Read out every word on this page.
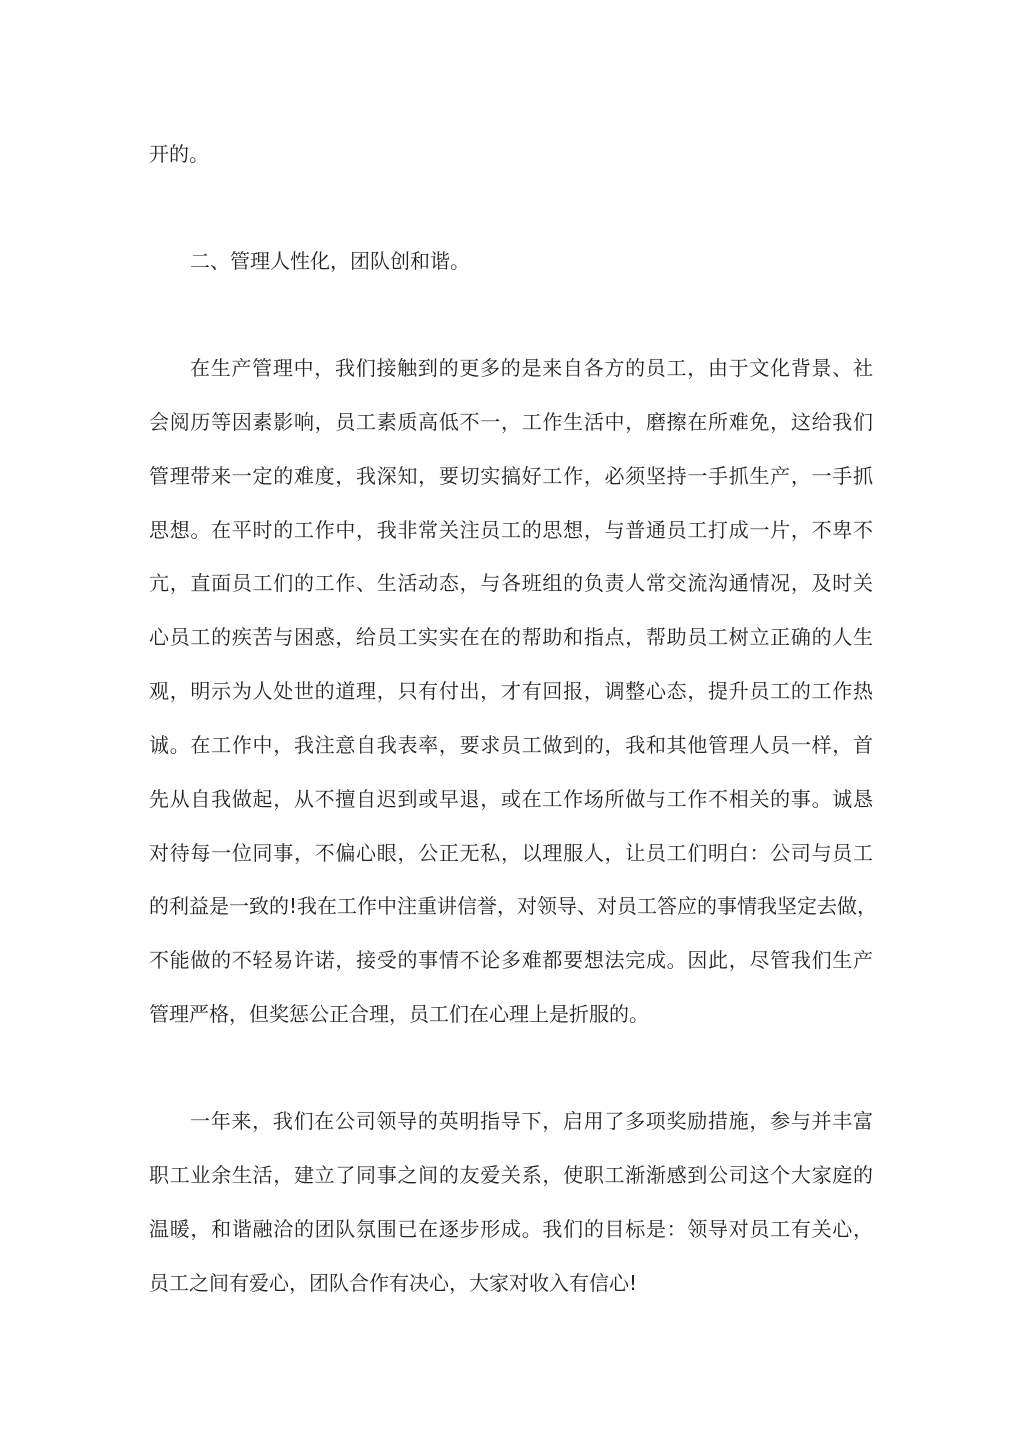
开的。
二、管理人性化，团队创和谐。
在生产管理中，我们接触到的更多的是来自各方的员工，由于文化背景、社
会阅历等因素影响，员工素质高低不一，工作生活中，磨擦在所难免，这给我们
管理带来一定的难度，我深知，要切实搞好工作，必须坚持一手抓生产，一手抓
思想。在平时的工作中，我非常关注员工的思想，与普通员工打成一片，不卑不
亢，直面员工们的工作、生活动态，与各班组的负责人常交流沟通情况，及时关
心员工的疾苦与困惑，给员工实实在在的帮助和指点，帮助员工树立正确的人生
观，明示为人处世的道理，只有付出，才有回报，调整心态，提升员工的工作热
诚。在工作中，我注意自我表率，要求员工做到的，我和其他管理人员一样，首
先从自我做起，从不擅自迟到或早退，或在工作场所做与工作不相关的事。诚恳
对待每一位同事，不偏心眼，公正无私，以理服人，让员工们明白：公司与员工
的利益是一致的!我在工作中注重讲信誉，对领导、对员工答应的事情我坚定去做，
不能做的不轻易许诺，接受的事情不论多难都要想法完成。因此，尽管我们生产
管理严格，但奖惩公正合理，员工们在心理上是折服的。
一年来，我们在公司领导的英明指导下，启用了多项奖励措施，参与并丰富
职工业余生活，建立了同事之间的友爱关系，使职工渐渐感到公司这个大家庭的
温暖，和谐融洽的团队氛围已在逐步形成。我们的目标是：领导对员工有关心，
员工之间有爱心，团队合作有决心，大家对收入有信心!
